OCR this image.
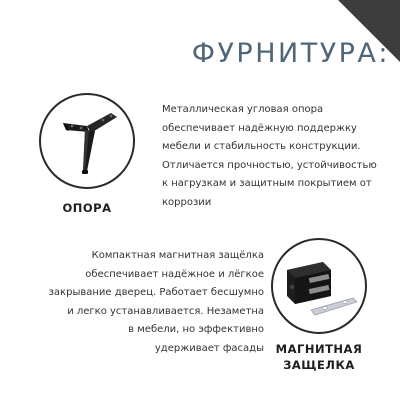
ФУРНИТУРА:
ОПОРА
Металлическая угловая опора
обеспечивает надёжную поддержку
мебели и стабильность конструкции.
Отличается прочностью, устойчивостью
к нагрузкам и защитным покрытием от
коррозии
Компактная магнитная защёлка
обеспечивает надёжное и лёгкое
закрывание дверец. Работает бесшумно
и легко устанавливается. Незаметна
в мебели, но эффективно
удерживает фасады	МАГНИТНАЯ
ЗАЩЕЛКА
